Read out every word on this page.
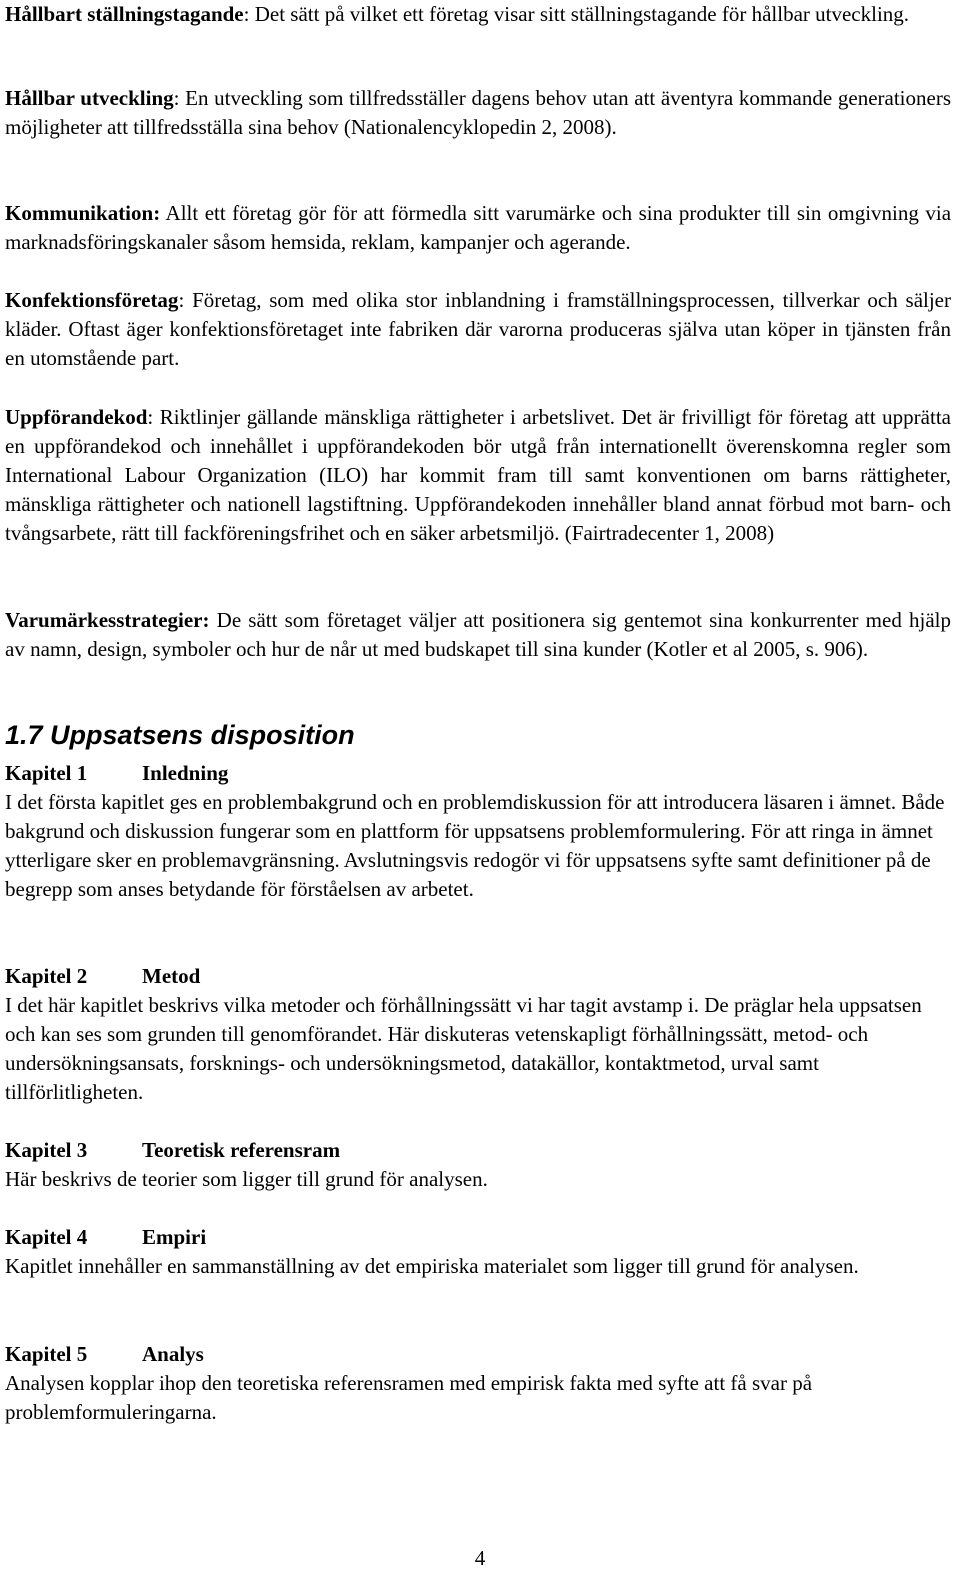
Hållbart ställningstagande: Det sätt på vilket ett företag visar sitt ställningstagande för hållbar utveckling.

Hållbar utveckling: En utveckling som tillfredsställer dagens behov utan att äventyra kommande generationers möjligheter att tillfredsställa sina behov (Nationalencyklopedin 2, 2008).

Kommunikation: Allt ett företag gör för att förmedla sitt varumärke och sina produkter till sin omgivning via marknadsföringskanaler såsom hemsida, reklam, kampanjer och agerande.

Konfektionsföretag: Företag, som med olika stor inblandning i framställningsprocessen, tillverkar och säljer kläder. Oftast äger konfektionsföretaget inte fabriken där varorna produceras själva utan köper in tjänsten från en utomstående part.

Uppförandekod: Riktlinjer gällande mänskliga rättigheter i arbetslivet. Det är frivilligt för företag att upprätta en uppförandekod och innehållet i uppförandekoden bör utgå från internationellt överenskomna regler som International Labour Organization (ILO) har kommit fram till samt konventionen om barns rättigheter, mänskliga rättigheter och nationell lagstiftning. Uppförandekoden innehåller bland annat förbud mot barn- och tvångsarbete, rätt till fackföreningsfrihet och en säker arbetsmiljö. (Fairtradecenter 1, 2008)

Varumärkesstrategier: De sätt som företaget väljer att positionera sig gentemot sina konkurrenter med hjälp av namn, design, symboler och hur de når ut med budskapet till sina kunder (Kotler et al 2005, s. 906).

1.7 Uppsatsens disposition

Kapitel 1	Inledning

I det första kapitlet ges en problembakgrund och en problemdiskussion för att introducera läsaren i ämnet. Både bakgrund och diskussion fungerar som en plattform för uppsatsens problemformulering. För att ringa in ämnet ytterligare sker en problemavgränsning. Avslutningsvis redogör vi för uppsatsens syfte samt definitioner på de begrepp som anses betydande för förståelsen av arbetet.

Kapitel 2	Metod

I det här kapitlet beskrivs vilka metoder och förhållningssätt vi har tagit avstamp i. De präglar hela uppsatsen och kan ses som grunden till genomförandet. Här diskuteras vetenskapligt förhållningssätt, metod- och undersökningsansats, forsknings- och undersökningsmetod, datakällor, kontaktmetod, urval samt tillförlitligheten.

Kapitel 3	Teoretisk referensram

Här beskrivs de teorier som ligger till grund för analysen.

Kapitel 4	Empiri

Kapitlet innehåller en sammanställning av det empiriska materialet som ligger till grund för analysen.

Kapitel 5	Analys

Analysen kopplar ihop den teoretiska referensramen med empirisk fakta med syfte att få svar på problemformuleringarna.

4
